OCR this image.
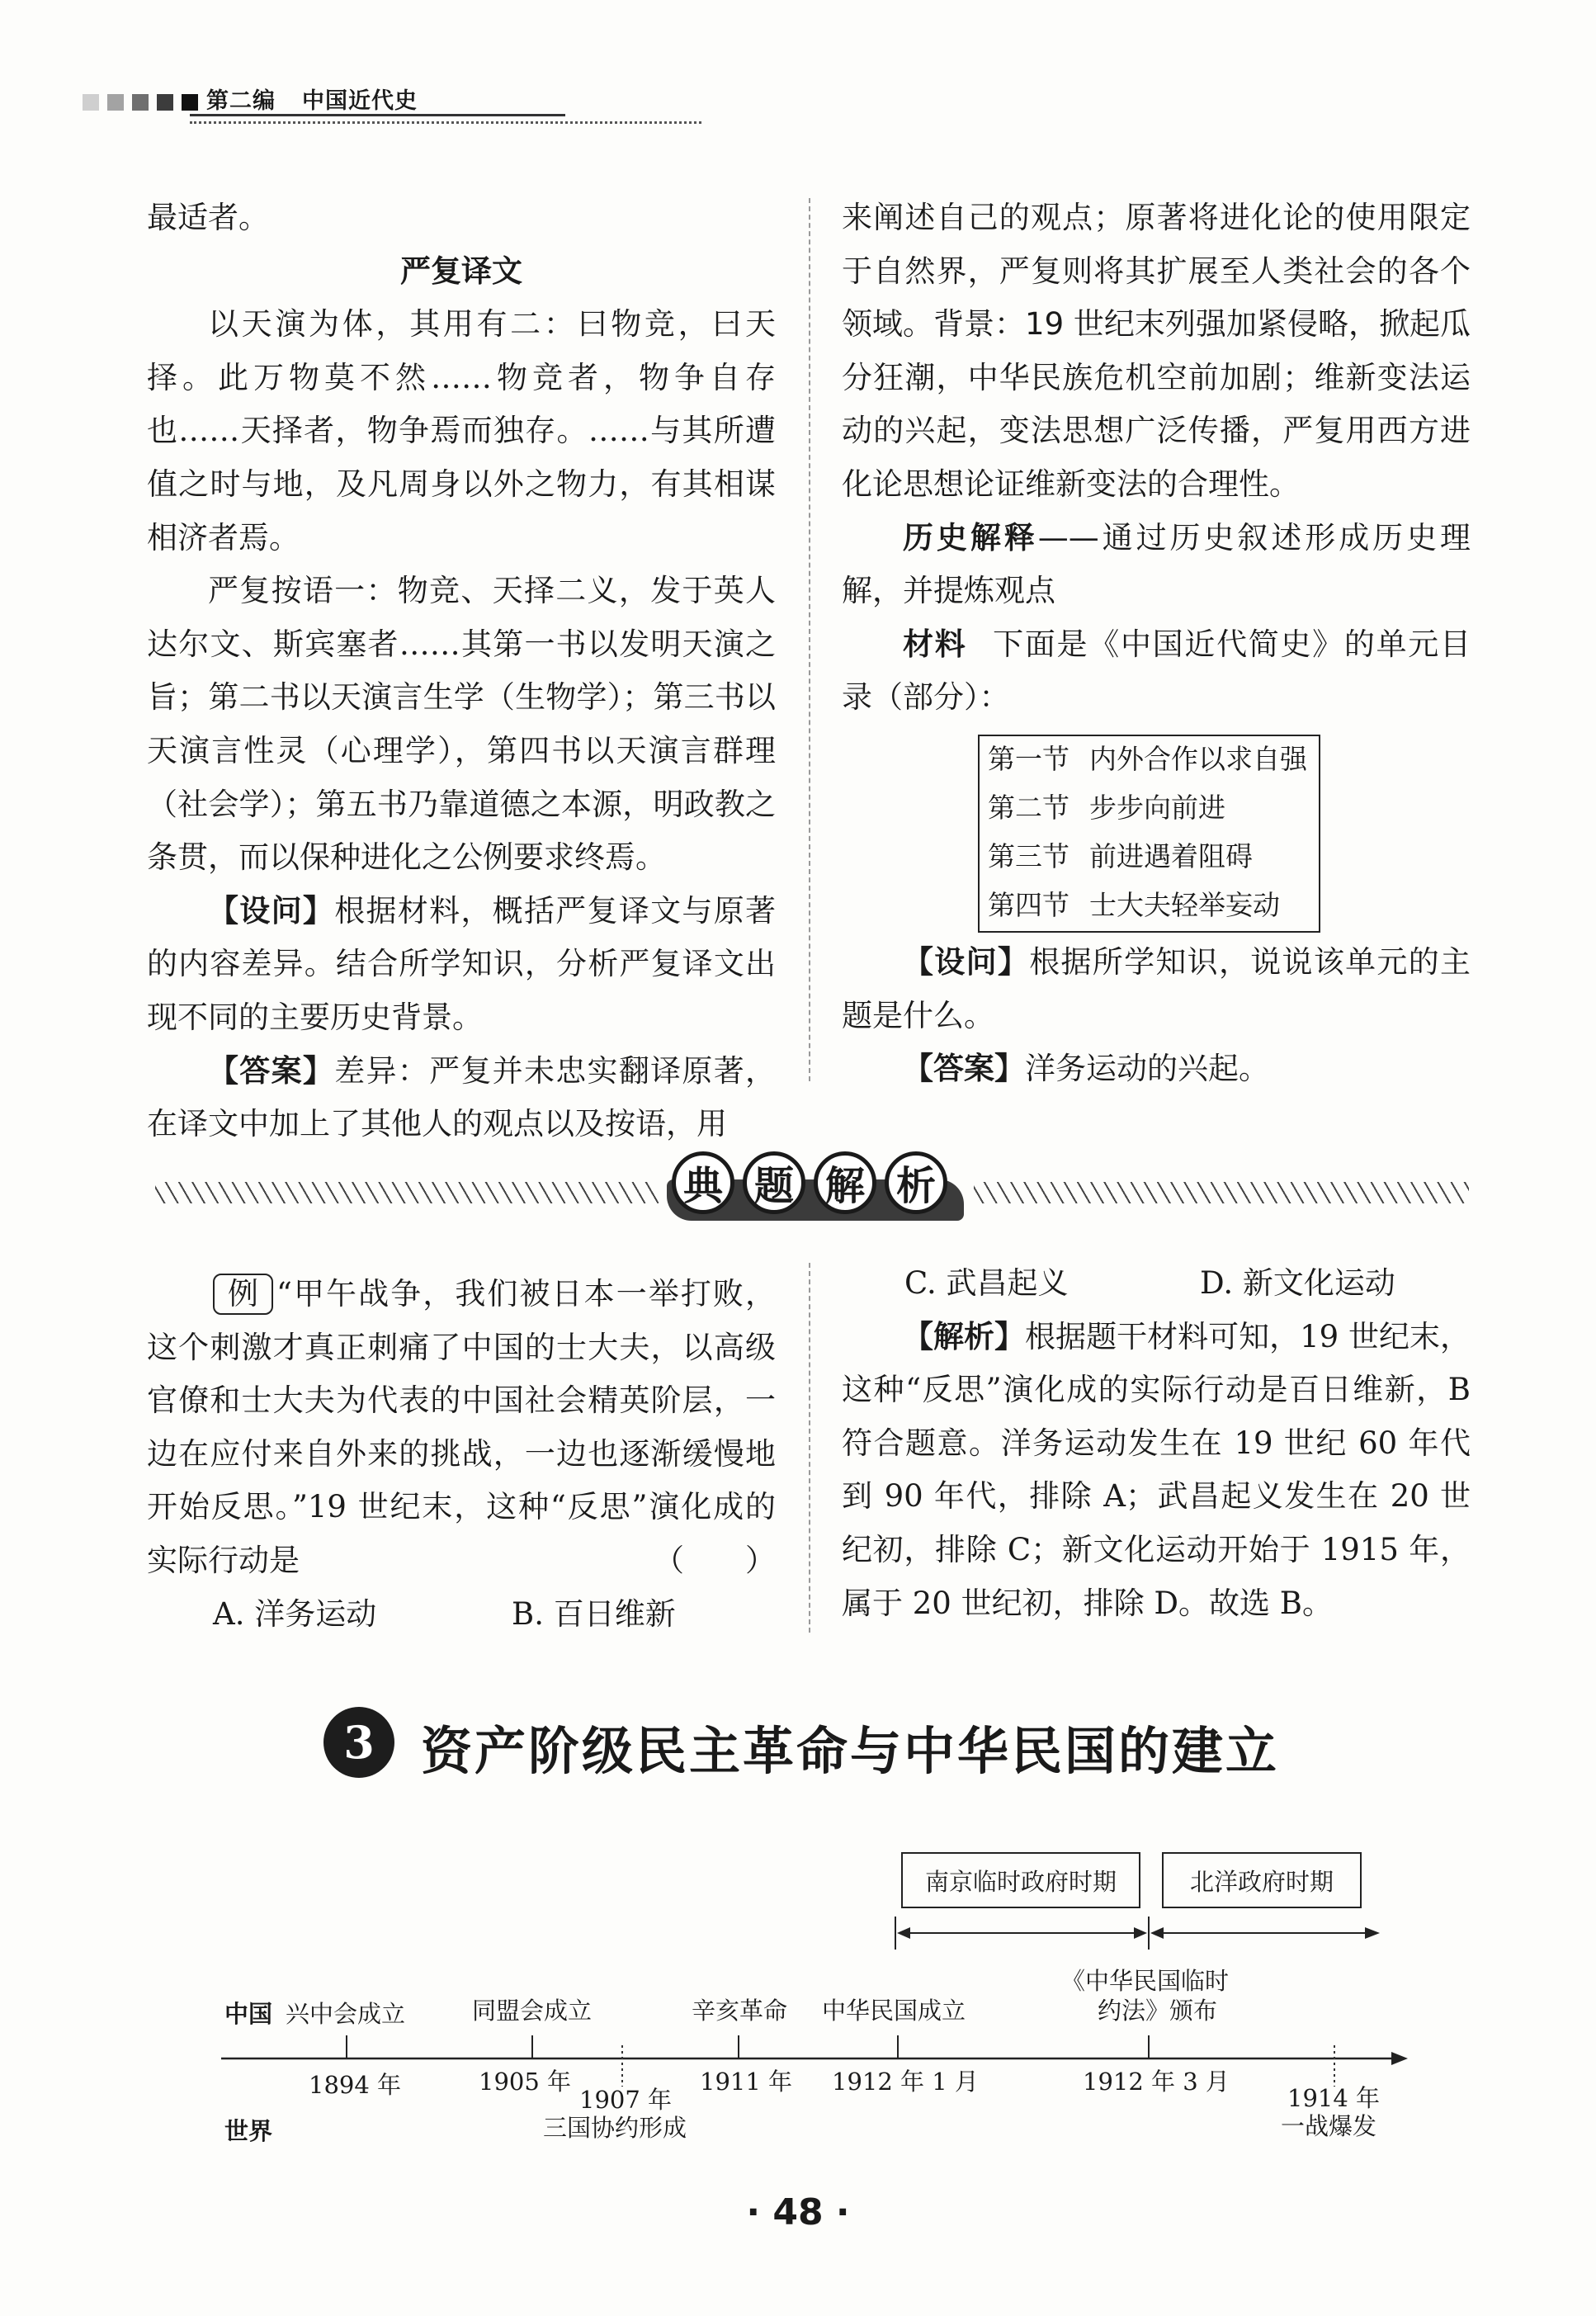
第二编 中国近代史

最适者。

严复译文

以天演为体，其用有二：曰物竞，曰天择。此万物莫不然……物竞者，物争自存也……天择者，物争焉而独存。……与其所遭值之时与地，及凡周身以外之物力，有其相谋相济者焉。

严复按语一：物竞、天择二义，发于英人达尔文、斯宾塞者……其第一书以发明天演之旨；第二书以天演言生学（生物学）；第三书以天演言性灵（心理学），第四书以天演言群理（社会学）；第五书乃靠道德之本源，明政教之条贯，而以保种进化之公例要求终焉。

【设问】根据材料，概括严复译文与原著的内容差异。结合所学知识，分析严复译文出现不同的主要历史背景。

【答案】差异：严复并未忠实翻译原著，在译文中加上了其他人的观点以及按语，用

来阐述自己的观点；原著将进化论的使用限定于自然界，严复则将其扩展至人类社会的各个领域。背景：19 世纪末列强加紧侵略，掀起瓜分狂潮，中华民族危机空前加剧；维新变法运动的兴起，变法思想广泛传播，严复用西方进化论思想论证维新变法的合理性。

历史解释——通过历史叙述形成历史理解，并提炼观点

材料 下面是《中国近代简史》的单元目录（部分）：

第一节	内外合作以求自强
第二节	步步向前进
第三节	前进遇着阻碍
第四节	士大夫轻举妄动

【设问】根据所学知识，说说该单元的主题是什么。

【答案】洋务运动的兴起。

典 题 解 析

例 “甲午战争，我们被日本一举打败，这个刺激才真正刺痛了中国的士大夫，以高级官僚和士大夫为代表的中国社会精英阶层，一边在应付来自外来的挑战，一边也逐渐缓慢地开始反思。”19 世纪末，这种“反思”演化成的实际行动是	（　　）

A. 洋务运动	B. 百日维新

C. 武昌起义	D. 新文化运动

【解析】根据题干材料可知，19 世纪末，这种“反思”演化成的实际行动是百日维新，B 符合题意。洋务运动发生在 19 世纪 60 年代到 90 年代，排除 A；武昌起义发生在 20 世纪初，排除 C；新文化运动开始于 1915 年，属于 20 世纪初，排除 D。故选 B。

3 资产阶级民主革命与中华民国的建立
南京临时政府时期	北洋政府时期
中国
世界
兴中会成立	同盟会成立	辛亥革命 中华民国成立
《中华民国临时
约法》颁布
1894 年	1905 年	1911 年 1912 年 1 月	1912 年 3 月
1907 年
三国协约形成
1914 年
一战爆发
· 48 ·
